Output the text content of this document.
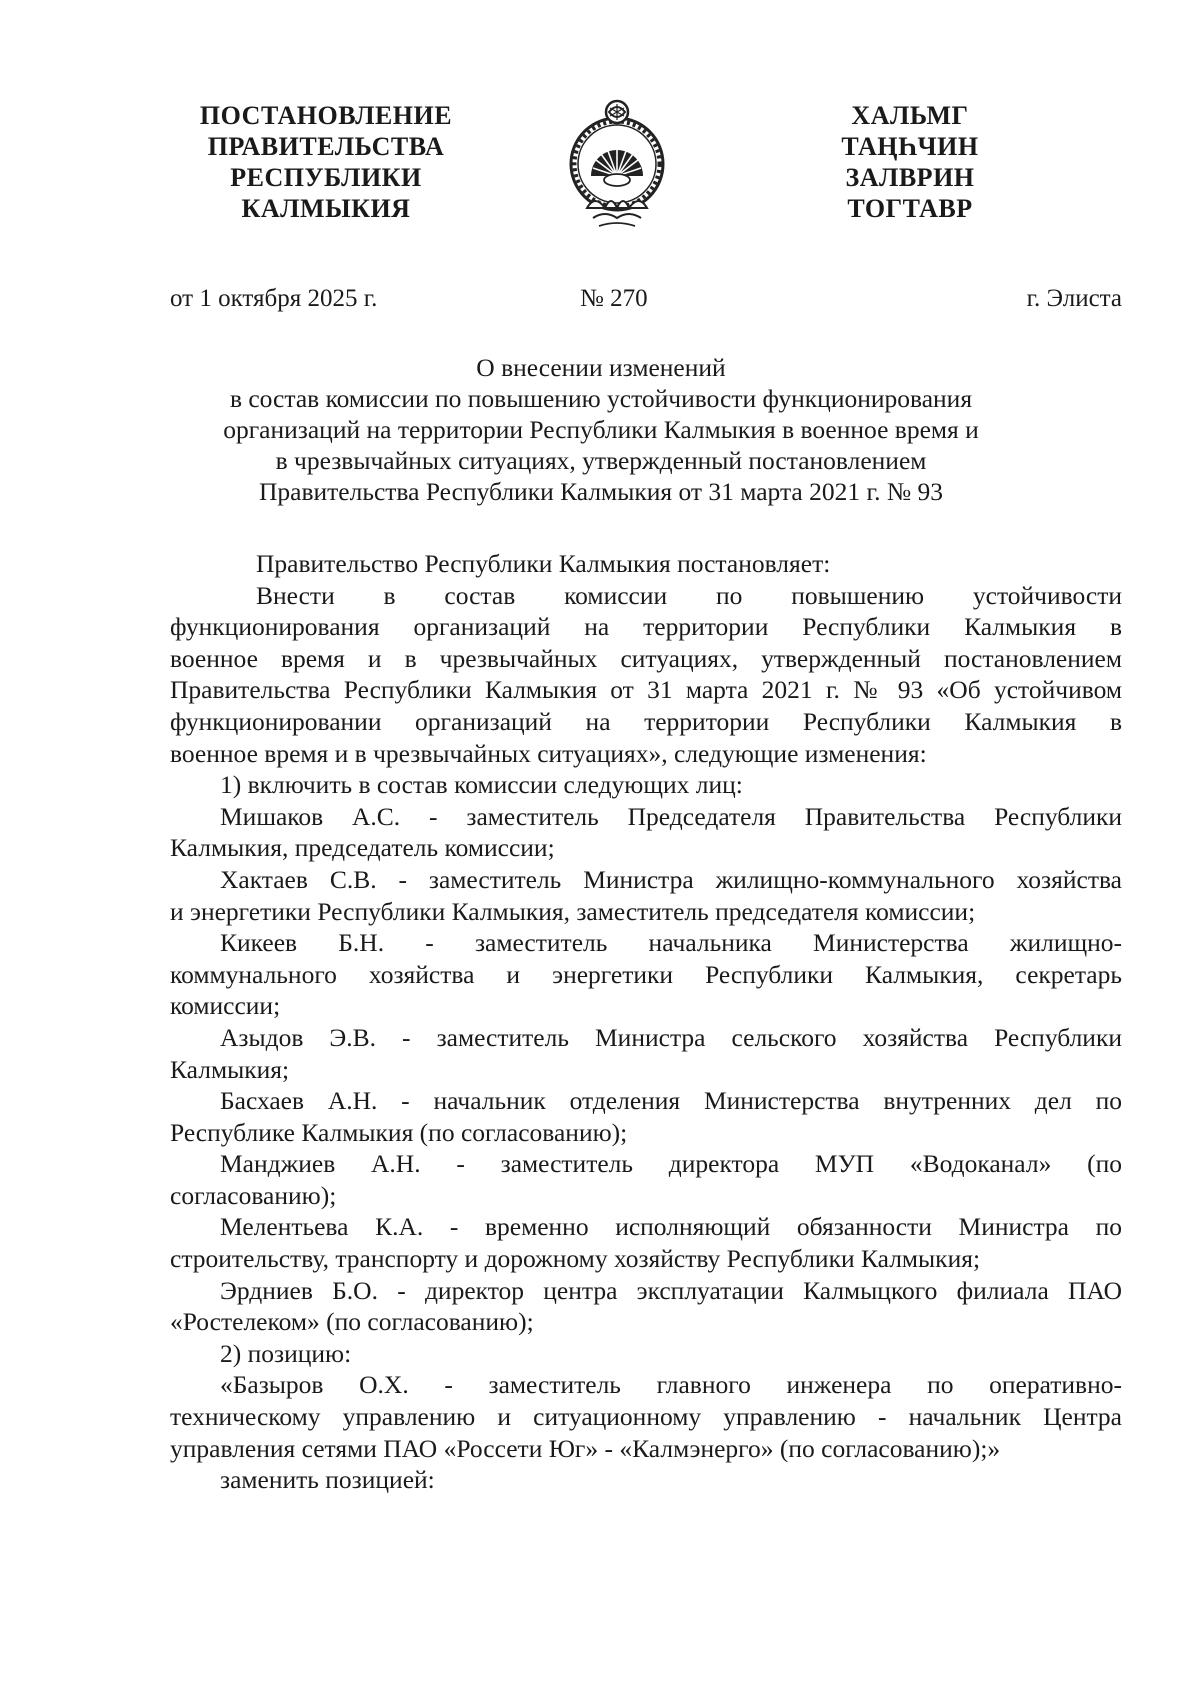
ПОСТАНОВЛЕНИЕ
ПРАВИТЕЛЬСТВА
РЕСПУБЛИКИ
КАЛМЫКИЯ
ХАЛЬМГ
ТАҢҺЧИН
ЗАЛВРИН
ТОГТАВР
от 1 октября 2025 г.	№ 270	г. Элиста
О внесении изменений
в состав комиссии по повышению устойчивости функционирования
организаций на территории Республики Калмыкия в военное время и
в чрезвычайных ситуациях, утвержденный постановлением
Правительства Республики Калмыкия от 31 марта 2021 г. № 93
Правительство Республики Калмыкия постановляет:
Внести в состав комиссии по повышению устойчивости
функционирования организаций на территории Республики Калмыкия в
военное время и в чрезвычайных ситуациях, утвержденный постановлением
Правительства Республики Калмыкия от 31 марта 2021 г. № 93 «Об устойчивом
функционировании организаций на территории Республики Калмыкия в
военное время и в чрезвычайных ситуациях», следующие изменения:
1) включить в состав комиссии следующих лиц:
Мишаков А.С. - заместитель Председателя Правительства Республики
Калмыкия, председатель комиссии;
Хактаев С.В. - заместитель Министра жилищно-коммунального хозяйства
и энергетики Республики Калмыкия, заместитель председателя комиссии;
Кикеев Б.Н. - заместитель начальника Министерства жилищно-
коммунального хозяйства и энергетики Республики Калмыкия, секретарь
комиссии;
Азыдов Э.В. - заместитель Министра сельского хозяйства Республики
Калмыкия;
Басхаев А.Н. - начальник отделения Министерства внутренних дел по
Республике Калмыкия (по согласованию);
Манджиев А.Н. - заместитель директора МУП «Водоканал» (по
согласованию);
Мелентьева К.А. - временно исполняющий обязанности Министра по
строительству, транспорту и дорожному хозяйству Республики Калмыкия;
Эрдниев Б.О. - директор центра эксплуатации Калмыцкого филиала ПАО
«Ростелеком» (по согласованию);
2) позицию:
«Базыров О.Х. - заместитель главного инженера по оперативно-
техническому управлению и ситуационному управлению - начальник Центра
управления сетями ПАО «Россети Юг» - «Калмэнерго» (по согласованию);»
заменить позицией:
